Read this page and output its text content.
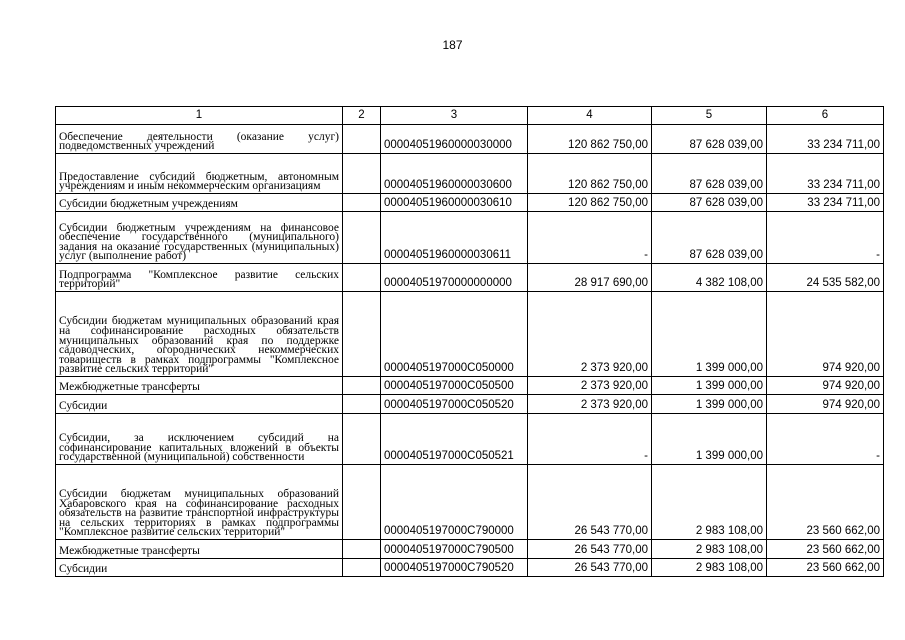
187
1	2	3	4	5	6
Обеспечение деятельности (оказание услуг) подведомственных учреждений		00004051960000030000	120 862 750,00	87 628 039,00	33 234 711,00
Предоставление субсидий бюджетным, автономным учреждениям и иным некоммерческим организациям		00004051960000030600	120 862 750,00	87 628 039,00	33 234 711,00
Субсидии бюджетным учреждениям		00004051960000030610	120 862 750,00	87 628 039,00	33 234 711,00
Субсидии бюджетным учреждениям на финансовое обеспечение государственного (муниципального) задания на оказание государственных (муниципальных) услуг (выполнение работ)		00004051960000030611	-	87 628 039,00	-
Подпрограмма "Комплексное развитие сельских территорий"		00004051970000000000	28 917 690,00	4 382 108,00	24 535 582,00
Субсидии бюджетам муниципальных образований края на софинансирование расходных обязательств муниципальных образований края по поддержке садоводческих, огороднических некоммерческих товариществ в рамках подпрограммы "Комплексное развитие сельских территорий"		0000405197000C050000	2 373 920,00	1 399 000,00	974 920,00
Межбюджетные трансферты		0000405197000C050500	2 373 920,00	1 399 000,00	974 920,00
Субсидии		0000405197000C050520	2 373 920,00	1 399 000,00	974 920,00
Субсидии, за исключением субсидий на софинансирование капитальных вложений в объекты государственной (муниципальной) собственности		0000405197000C050521	-	1 399 000,00	-
Субсидии бюджетам муниципальных образований Хабаровского края на софинансирование расходных обязательств на развитие транспортной инфраструктуры на сельских территориях в рамках подпрограммы "Комплексное развитие сельских территорий"		0000405197000C790000	26 543 770,00	2 983 108,00	23 560 662,00
Межбюджетные трансферты		0000405197000C790500	26 543 770,00	2 983 108,00	23 560 662,00
Субсидии		0000405197000C790520	26 543 770,00	2 983 108,00	23 560 662,00
